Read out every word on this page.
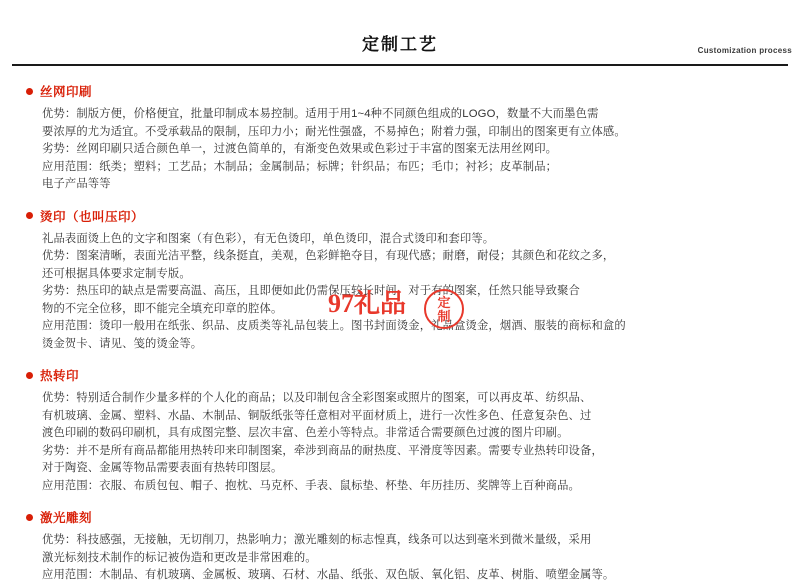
定制工艺	Customization process
丝网印刷

优势：制版方便，价格便宜，批量印制成本易控制。适用于用1~4种不同颜色组成的LOGO，数量不大而墨色需

要浓厚的尤为适宜。不受承载品的限制，压印力小；耐光性强盛，不易掉色；附着力强，印制出的图案更有立体感。

劣势：丝网印刷只适合颜色单一，过渡色简单的，有渐变色效果或色彩过于丰富的图案无法用丝网印。

应用范围：纸类；塑料；工艺品；木制品；金属制品；标牌；针织品；布匹；毛巾；衬衫；皮革制品；

电子产品等等

烫印（也叫压印）

礼品表面烫上色的文字和图案（有色彩），有无色烫印，单色烫印，混合式烫印和套印等。

优势：图案清晰，表面光洁平整，线条挺直，美观，色彩鲜艳夺目，有现代感；耐磨，耐侵；其颜色和花纹之多，

还可根据具体要求定制专版。

劣势：热压印的缺点是需要高温、高压，且即便如此仍需保压较长时间，对于有的图案，任然只能导致聚合

物的不完全位移，即不能完全填充印章的腔体。

应用范围：烫印一般用在纸张、织品、皮质类等礼品包装上。图书封面烫金，礼品盒烫金，烟酒、服装的商标和盒的

烫金贺卡、请见、笺的烫金等。

热转印

优势：特别适合制作少量多样的个人化的商品；以及印制包含全彩图案或照片的图案，可以再皮革、纺织品、

有机玻璃、金属、塑料、水晶、木制品、铜版纸张等任意相对平面材质上，进行一次性多色、任意复杂色、过

渡色印刷的数码印刷机，具有成图完整、层次丰富、色差小等特点。非常适合需要颜色过渡的图片印刷。

劣势：并不是所有商品都能用热转印来印制图案，牵涉到商品的耐热度、平滑度等因素。需要专业热转印设备，

对于陶瓷、金属等物品需要表面有热转印图层。

应用范围：衣服、布质包包、帽子、抱枕、马克杯、手表、鼠标垫、杯垫、年历挂历、奖牌等上百种商品。

激光雕刻

优势：科技感强，无接触，无切削刀，热影响力；激光雕刻的标志惶真，线条可以达到毫米到微米量级，采用

激光标刻技术制作的标记被伪造和更改是非常困难的。

应用范围：木制品、有机玻璃、金属板、玻璃、石材、水晶、纸张、双色版、氧化铝、皮革、树脂、喷塑金属等。

97礼品	定
制
